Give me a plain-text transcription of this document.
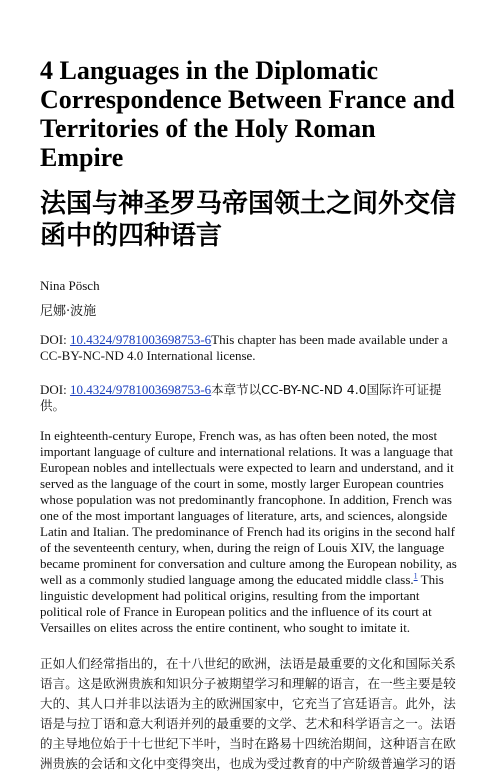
4 Languages in the Diplomatic Correspondence Between France and Territories of the Holy Roman Empire
法国与神圣罗马帝国领土之间外交信函中的四种语言

Nina Pösch

尼娜·波施

DOI: 10.4324/9781003698753-6This chapter has been made available under a CC-BY-NC-ND 4.0 International license.

DOI: 10.4324/9781003698753-6本章节以CC-BY-NC-ND 4.0国际许可证提供。

In eighteenth-century Europe, French was, as has often been noted, the most important language of culture and international relations. It was a language that European nobles and intellectuals were expected to learn and understand, and it served as the language of the court in some, mostly larger European countries whose population was not predominantly francophone. In addition, French was one of the most important languages of literature, arts, and sciences, alongside Latin and Italian. The predominance of French had its origins in the second half of the seventeenth century, when, during the reign of Louis XIV, the language became prominent for conversation and culture among the European nobility, as well as a commonly studied language among the educated middle class.$^1$ This linguistic development had political origins, resulting from the important political role of France in European politics and the influence of its court at Versailles on elites across the entire continent, who sought to imitate it.

正如人们经常指出的，在十八世纪的欧洲，法语是最重要的文化和国际关系语言。这是欧洲贵族和知识分子被期望学习和理解的语言，在一些主要是较大的、其人口并非以法语为主的欧洲国家中，它充当了宫廷语言。此外，法语是与拉丁语和意大利语并列的最重要的文学、艺术和科学语言之一。法语的主导地位始于十七世纪下半叶，当时在路易十四统治期间，这种语言在欧洲贵族的会话和文化中变得突出，也成为受过教育的中产阶级普遍学习的语
